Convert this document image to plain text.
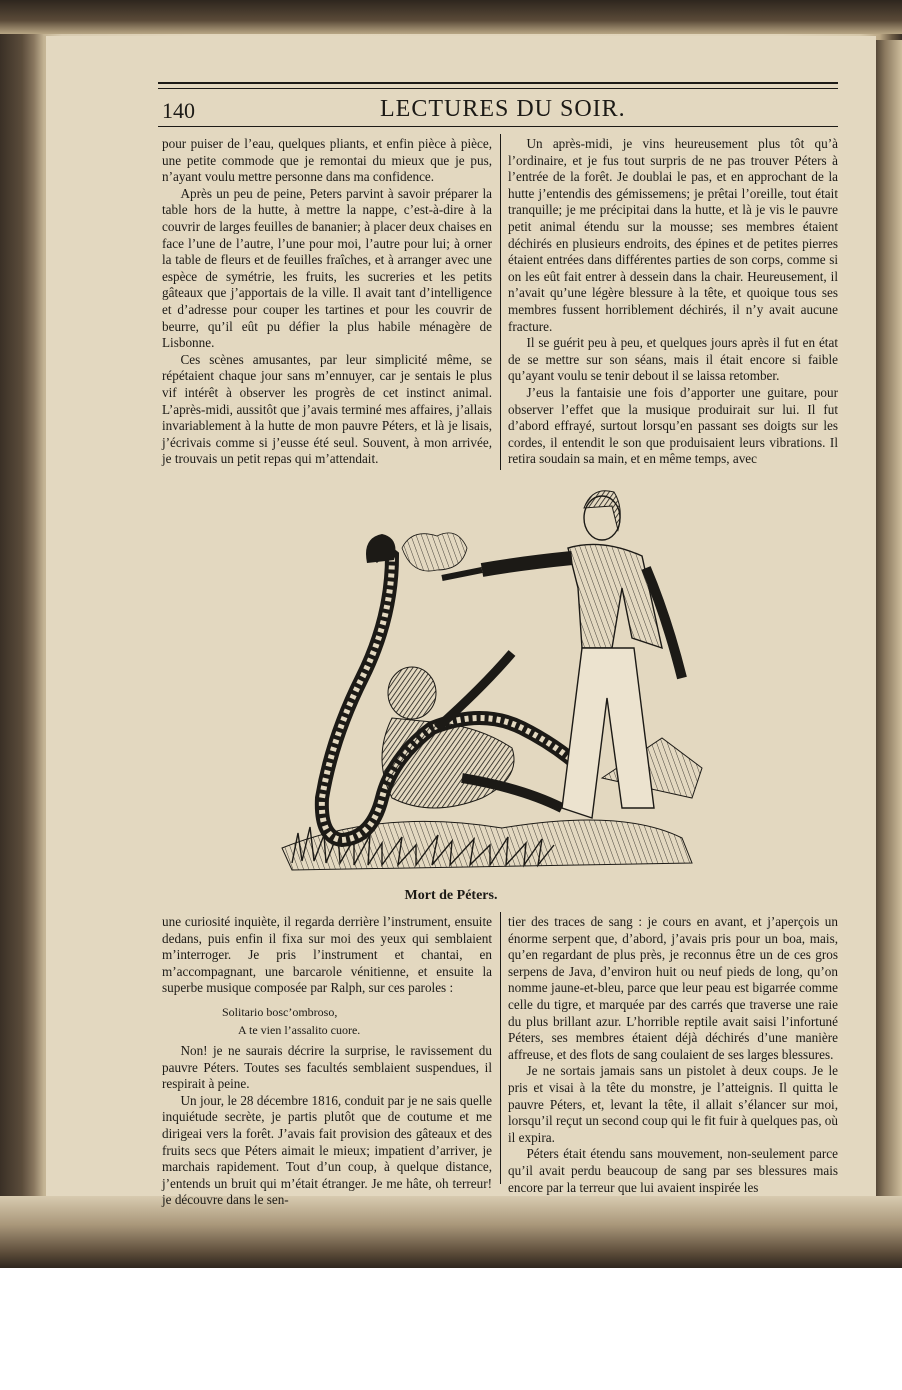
140	LECTURES DU SOIR.

pour puiser de l’eau, quelques pliants, et enfin pièce à pièce, une petite commode que je remontai du mieux que je pus, n’ayant voulu mettre personne dans ma confidence.

Après un peu de peine, Peters parvint à savoir préparer la table hors de la hutte, à mettre la nappe, c’est-à-dire à la couvrir de larges feuilles de bananier; à placer deux chaises en face l’une de l’autre, l’une pour moi, l’autre pour lui; à orner la table de fleurs et de feuilles fraîches, et à arranger avec une espèce de symétrie, les fruits, les sucreries et les petits gâteaux que j’apportais de la ville. Il avait tant d’intelligence et d’adresse pour couper les tartines et pour les couvrir de beurre, qu’il eût pu défier la plus habile ménagère de Lisbonne.

Ces scènes amusantes, par leur simplicité même, se répétaient chaque jour sans m’ennuyer, car je sentais le plus vif intérêt à observer les progrès de cet instinct animal. L’après-midi, aussitôt que j’avais terminé mes affaires, j’allais invariablement à la hutte de mon pauvre Péters, et là je lisais, j’écrivais comme si j’eusse été seul. Souvent, à mon arrivée, je trouvais un petit repas qui m’attendait.

Un après-midi, je vins heureusement plus tôt qu’à l’ordinaire, et je fus tout surpris de ne pas trouver Péters à l’entrée de la forêt. Je doublai le pas, et en approchant de la hutte j’entendis des gémissemens; je prêtai l’oreille, tout était tranquille; je me précipitai dans la hutte, et là je vis le pauvre petit animal étendu sur la mousse; ses membres étaient déchirés en plusieurs endroits, des épines et de petites pierres étaient entrées dans différentes parties de son corps, comme si on les eût fait entrer à dessein dans la chair. Heureusement, il n’avait qu’une légère blessure à la tête, et quoique tous ses membres fussent horriblement déchirés, il n’y avait aucune fracture.

Il se guérit peu à peu, et quelques jours après il fut en état de se mettre sur son séans, mais il était encore si faible qu’ayant voulu se tenir debout il se laissa retomber.

J’eus la fantaisie une fois d’apporter une guitare, pour observer l’effet que la musique produirait sur lui. Il fut d’abord effrayé, surtout lorsqu’en passant ses doigts sur les cordes, il entendit le son que produisaient leurs vibrations. Il retira soudain sa main, et en même temps, avec

Mort de Péters.

une curiosité inquiète, il regarda derrière l’instrument, ensuite dedans, puis enfin il fixa sur moi des yeux qui semblaient m’interroger. Je pris l’instrument et chantai, en m’accompagnant, une barcarole vénitienne, et ensuite la superbe musique composée par Ralph, sur ces paroles :

Solitario bosc’ombroso,
A te vien l’assalito cuore.

Non! je ne saurais décrire la surprise, le ravissement du pauvre Péters. Toutes ses facultés semblaient suspendues, il respirait à peine.

Un jour, le 28 décembre 1816, conduit par je ne sais quelle inquiétude secrète, je partis plutôt que de coutume et me dirigeai vers la forêt. J’avais fait provision des gâteaux et des fruits secs que Péters aimait le mieux; impatient d’arriver, je marchais rapidement. Tout d’un coup, à quelque distance, j’entends un bruit qui m’était étranger. Je me hâte, oh terreur! je découvre dans le sen-

tier des traces de sang : je cours en avant, et j’aperçois un énorme serpent que, d’abord, j’avais pris pour un boa, mais, qu’en regardant de plus près, je reconnus être un de ces gros serpens de Java, d’environ huit ou neuf pieds de long, qu’on nomme jaune-et-bleu, parce que leur peau est bigarrée comme celle du tigre, et marquée par des carrés que traverse une raie du plus brillant azur. L’horrible reptile avait saisi l’infortuné Péters, ses membres étaient déjà déchirés d’une manière affreuse, et des flots de sang coulaient de ses larges blessures.

Je ne sortais jamais sans un pistolet à deux coups. Je le pris et visai à la tête du monstre, je l’atteignis. Il quitta le pauvre Péters, et, levant la tête, il allait s’élancer sur moi, lorsqu’il reçut un second coup qui le fit fuir à quelques pas, où il expira.

Péters était étendu sans mouvement, non-seulement parce qu’il avait perdu beaucoup de sang par ses blessures mais encore par la terreur que lui avaient inspirée les
